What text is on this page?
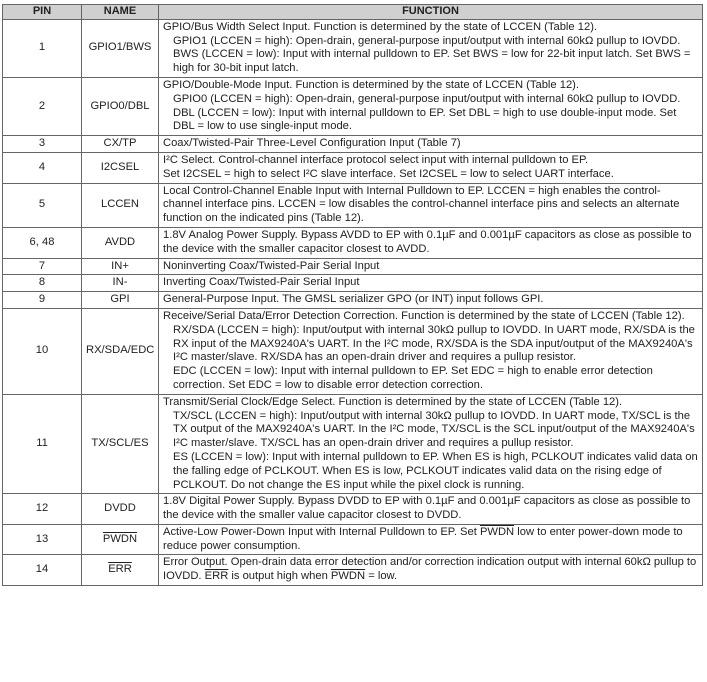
PIN	NAME	FUNCTION
1	GPIO1/BWS	GPIO/Bus Width Select Input. Function is determined by the state of LCCEN (Table 12).
GPIO1 (LCCEN = high): Open-drain, general-purpose input/output with internal 60kΩ pullup to IOVDD.
BWS (LCCEN = low): Input with internal pulldown to EP. Set BWS = low for 22-bit input latch. Set BWS = high for 30-bit input latch.

2	GPIO0/DBL	GPIO/Double-Mode Input. Function is determined by the state of LCCEN (Table 12).
GPIO0 (LCCEN = high): Open-drain, general-purpose input/output with internal 60kΩ pullup to IOVDD.
DBL (LCCEN = low): Input with internal pulldown to EP. Set DBL = high to use double-input mode. Set DBL = low to use single-input mode.

3	CX/TP	Coax/Twisted-Pair Three-Level Configuration Input (Table 7)

4	I2CSEL	I²C Select. Control-channel interface protocol select input with internal pulldown to EP.
Set I2CSEL = high to select I²C slave interface. Set I2CSEL = low to select UART interface.

5	LCCEN	Local Control-Channel Enable Input with Internal Pulldown to EP. LCCEN = high enables the control-channel interface pins. LCCEN = low disables the control-channel interface pins and selects an alternate function on the indicated pins (Table 12).

6, 48	AVDD	1.8V Analog Power Supply. Bypass AVDD to EP with 0.1µF and 0.001µF capacitors as close as possible to the device with the smaller capacitor closest to AVDD.

7	IN+	Noninverting Coax/Twisted-Pair Serial Input

8	IN-	Inverting Coax/Twisted-Pair Serial Input

9	GPI	General-Purpose Input. The GMSL serializer GPO (or INT) input follows GPI.

10	RX/SDA/EDC	Receive/Serial Data/Error Detection Correction. Function is determined by the state of LCCEN (Table 12).
RX/SDA (LCCEN = high): Input/output with internal 30kΩ pullup to IOVDD. In UART mode, RX/SDA is the RX input of the MAX9240A's UART. In the I²C mode, RX/SDA is the SDA input/output of the MAX9240A's I²C master/slave. RX/SDA has an open-drain driver and requires a pullup resistor.
EDC (LCCEN = low): Input with internal pulldown to EP. Set EDC = high to enable error detection correction. Set EDC = low to disable error detection correction.

11	TX/SCL/ES	Transmit/Serial Clock/Edge Select. Function is determined by the state of LCCEN (Table 12).
TX/SCL (LCCEN = high): Input/output with internal 30kΩ pullup to IOVDD. In UART mode, TX/SCL is the TX output of the MAX9240A's UART. In the I²C mode, TX/SCL is the SCL input/output of the MAX9240A's I²C master/slave. TX/SCL has an open-drain driver and requires a pullup resistor.
ES (LCCEN = low): Input with internal pulldown to EP. When ES is high, PCLKOUT indicates valid data on the falling edge of PCLKOUT. When ES is low, PCLKOUT indicates valid data on the rising edge of PCLKOUT. Do not change the ES input while the pixel clock is running.

12	DVDD	1.8V Digital Power Supply. Bypass DVDD to EP with 0.1µF and 0.001µF capacitors as close as possible to the device with the smaller value capacitor closest to DVDD.

13	PWDN	Active-Low Power-Down Input with Internal Pulldown to EP. Set PWDN low to enter power-down mode to reduce power consumption.

14	$\overline{ERR}$	Error Output. Open-drain data error detection and/or correction indication output with internal 60kΩ pullup to IOVDD. $\overline{ERR}$ is output high when PWDN = low.
